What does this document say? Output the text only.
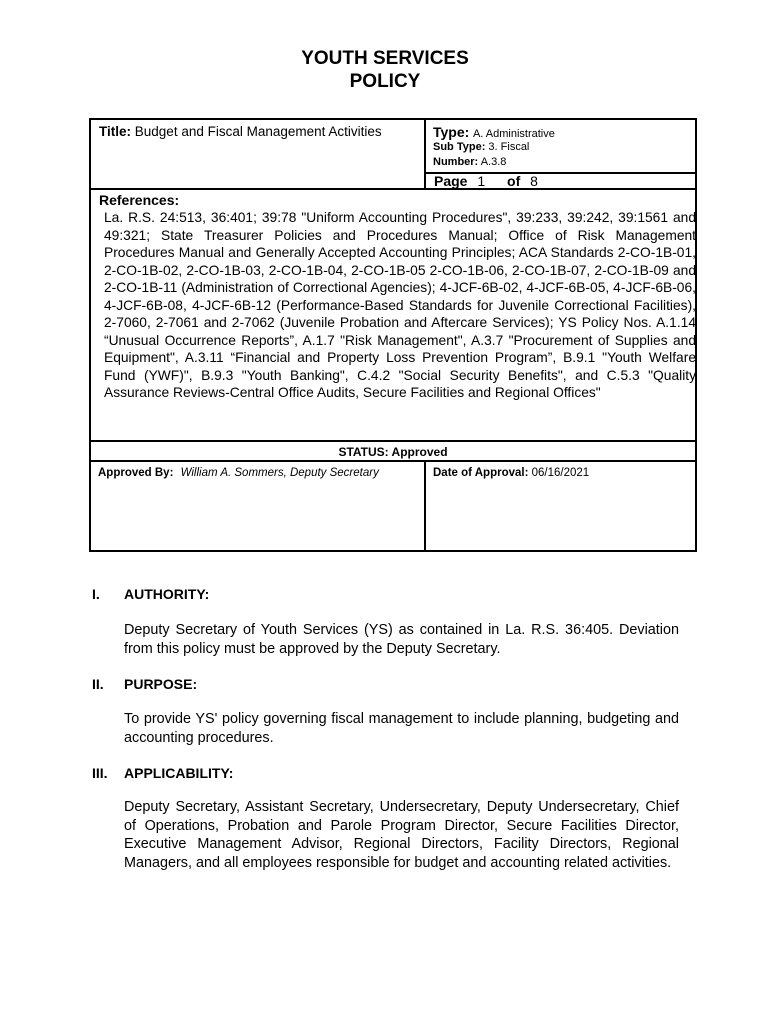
YOUTH SERVICES
POLICY
Title: Budget and Fiscal Management Activities	Type: A. Administrative
Sub Type: 3. Fiscal
Number: A.3.8
Page 1 of 8
References:
La. R.S. 24:513, 36:401; 39:78 "Uniform Accounting Procedures", 39:233, 39:242, 39:1561 and 49:321; State Treasurer Policies and Procedures Manual; Office of Risk Management Procedures Manual and Generally Accepted Accounting Principles; ACA Standards 2-CO-1B-01, 2-CO-1B-02, 2-CO-1B-03, 2-CO-1B-04, 2-CO-1B-05 2-CO-1B-06, 2-CO-1B-07, 2-CO-1B-09 and 2-CO-1B-11 (Administration of Correctional Agencies); 4-JCF-6B-02, 4-JCF-6B-05, 4-JCF-6B-06, 4-JCF-6B-08, 4-JCF-6B-12 (Performance-Based Standards for Juvenile Correctional Facilities), 2-7060, 2-7061 and 2-7062 (Juvenile Probation and Aftercare Services); YS Policy Nos. A.1.14 “Unusual Occurrence Reports”, A.1.7 "Risk Management", A.3.7 "Procurement of Supplies and Equipment", A.3.11 “Financial and Property Loss Prevention Program”, B.9.1 "Youth Welfare Fund (YWF)", B.9.3 "Youth Banking", C.4.2 "Social Security Benefits", and C.5.3 "Quality Assurance Reviews-Central Office Audits, Secure Facilities and Regional Offices"
STATUS: Approved
Approved By: William A. Sommers, Deputy Secretary	Date of Approval: 06/16/2021
I. AUTHORITY:
Deputy Secretary of Youth Services (YS) as contained in La. R.S. 36:405. Deviation from this policy must be approved by the Deputy Secretary.
II. PURPOSE:
To provide YS' policy governing fiscal management to include planning, budgeting and accounting procedures.
III. APPLICABILITY:
Deputy Secretary, Assistant Secretary, Undersecretary, Deputy Undersecretary, Chief of Operations, Probation and Parole Program Director, Secure Facilities Director, Executive Management Advisor, Regional Directors, Facility Directors, Regional Managers, and all employees responsible for budget and accounting related activities.
